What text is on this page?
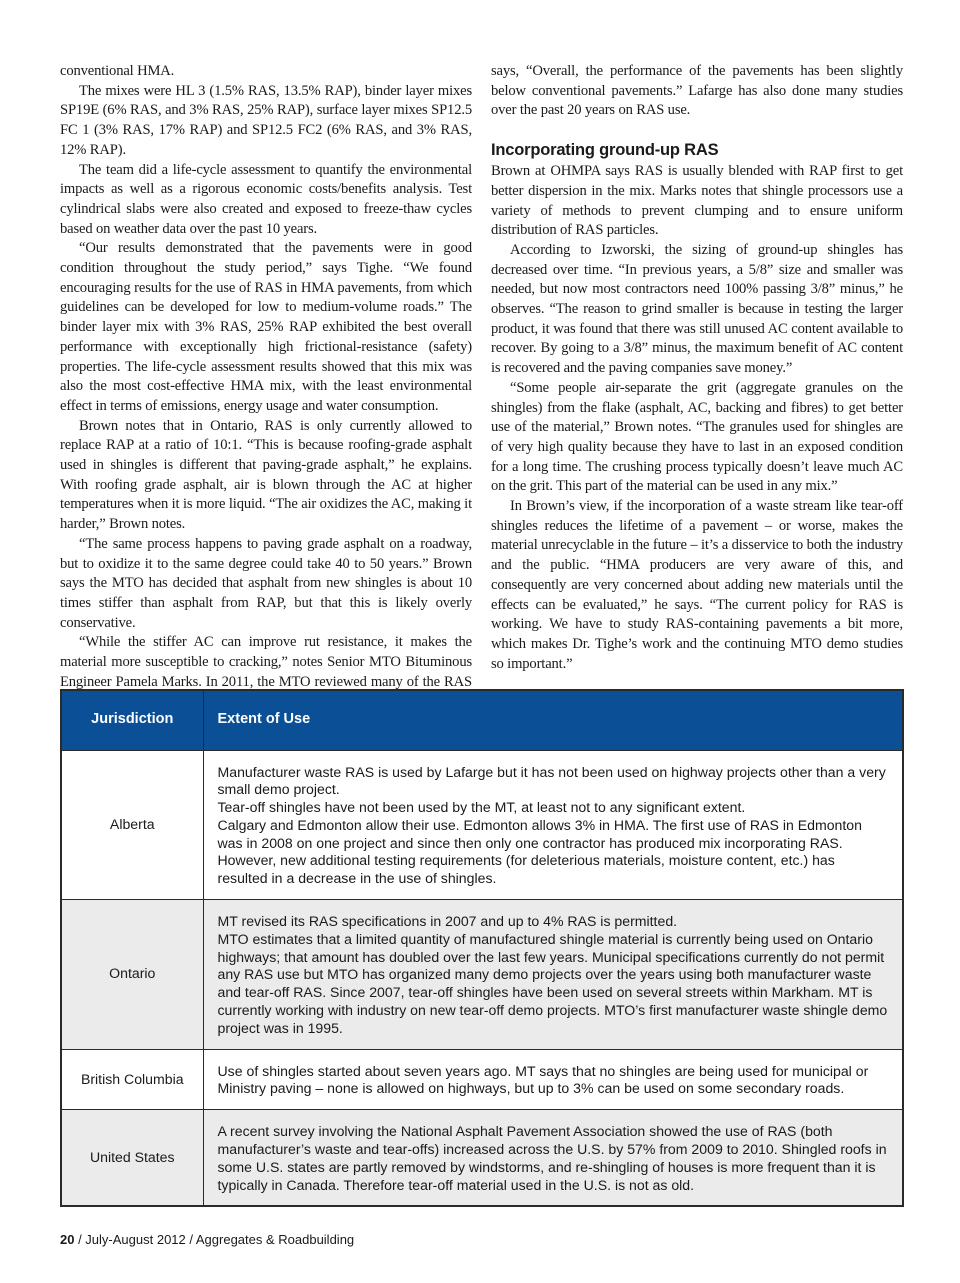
conventional HMA.

The mixes were HL 3 (1.5% RAS, 13.5% RAP), binder layer mixes SP19E (6% RAS, and 3% RAS, 25% RAP), surface layer mixes SP12.5 FC 1 (3% RAS, 17% RAP) and SP12.5 FC2 (6% RAS, and 3% RAS, 12% RAP).

The team did a life-cycle assessment to quantify the environmental impacts as well as a rigorous economic costs/benefits analysis. Test cylindrical slabs were also created and exposed to freeze-thaw cycles based on weather data over the past 10 years.

“Our results demonstrated that the pavements were in good condition throughout the study period,” says Tighe. “We found encouraging results for the use of RAS in HMA pavements, from which guidelines can be developed for low to medium-volume roads.” The binder layer mix with 3% RAS, 25% RAP exhibited the best overall performance with exceptionally high frictional-resistance (safety) properties. The life-cycle assessment results showed that this mix was also the most cost-effective HMA mix, with the least environmental effect in terms of emissions, energy usage and water consumption.

Brown notes that in Ontario, RAS is only currently allowed to replace RAP at a ratio of 10:1. “This is because roofing-grade asphalt used in shingles is different that paving-grade asphalt,” he explains. With roofing grade asphalt, air is blown through the AC at higher temperatures when it is more liquid. “The air oxidizes the AC, making it harder,” Brown notes.

“The same process happens to paving grade asphalt on a roadway, but to oxidize it to the same degree could take 40 to 50 years.” Brown says the MTO has decided that asphalt from new shingles is about 10 times stiffer than asphalt from RAP, but that this is likely overly conservative.

“While the stiffer AC can improve rut resistance, it makes the material more susceptible to cracking,” notes Senior MTO Bituminous Engineer Pamela Marks. In 2011, the MTO reviewed many of the RAS

says, “Overall, the performance of the pavements has been slightly below conventional pavements.” Lafarge has also done many studies over the past 20 years on RAS use.

Incorporating ground-up RAS

Brown at OHMPA says RAS is usually blended with RAP first to get better dispersion in the mix. Marks notes that shingle processors use a variety of methods to prevent clumping and to ensure uniform distribution of RAS particles.

According to Izworski, the sizing of ground-up shingles has decreased over time. “In previous years, a 5/8” size and smaller was needed, but now most contractors need 100% passing 3/8” minus,” he observes. “The reason to grind smaller is because in testing the larger product, it was found that there was still unused AC content available to recover. By going to a 3/8” minus, the maximum benefit of AC content is recovered and the paving companies save money.”

“Some people air-separate the grit (aggregate granules on the shingles) from the flake (asphalt, AC, backing and fibres) to get better use of the material,” Brown notes. “The granules used for shingles are of very high quality because they have to last in an exposed condition for a long time. The crushing process typically doesn’t leave much AC on the grit. This part of the material can be used in any mix.”

In Brown’s view, if the incorporation of a waste stream like tear-off shingles reduces the lifetime of a pavement – or worse, makes the material unrecyclable in the future – it’s a disservice to both the industry and the public. “HMA producers are very aware of this, and consequently are very concerned about adding new materials until the effects can be evaluated,” he says. “The current policy for RAS is working. We have to study RAS-containing pavements a bit more, which makes Dr. Tighe’s work and the continuing MTO demo studies so important.”

Jurisdiction	Extent of Use
Alberta	Manufacturer waste RAS is used by Lafarge but it has not been used on highway projects other than a very small demo project.
Tear-off shingles have not been used by the MT, at least not to any significant extent.
Calgary and Edmonton allow their use. Edmonton allows 3% in HMA. The first use of RAS in Edmonton was in 2008 on one project and since then only one contractor has produced mix incorporating RAS. However, new additional testing requirements (for deleterious materials, moisture content, etc.) has resulted in a decrease in the use of shingles.

Ontario	MT revised its RAS specifications in 2007 and up to 4% RAS is permitted.
MTO estimates that a limited quantity of manufactured shingle material is currently being used on Ontario highways; that amount has doubled over the last few years. Municipal specifications currently do not permit any RAS use but MTO has organized many demo projects over the years using both manufacturer waste and tear-off RAS. Since 2007, tear-off shingles have been used on several streets within Markham. MT is currently working with industry on new tear-off demo projects. MTO’s first manufacturer waste shingle demo project was in 1995.

British Columbia	Use of shingles started about seven years ago. MT says that no shingles are being used for municipal or Ministry paving – none is allowed on highways, but up to 3% can be used on some secondary roads.

United States	A recent survey involving the National Asphalt Pavement Association showed the use of RAS (both manufacturer’s waste and tear-offs) increased across the U.S. by 57% from 2009 to 2010. Shingled roofs in some U.S. states are partly removed by windstorms, and re-shingling of houses is more frequent than it is typically in Canada. Therefore tear-off material used in the U.S. is not as old.
20 / July-August 2012 / Aggregates & Roadbuilding
